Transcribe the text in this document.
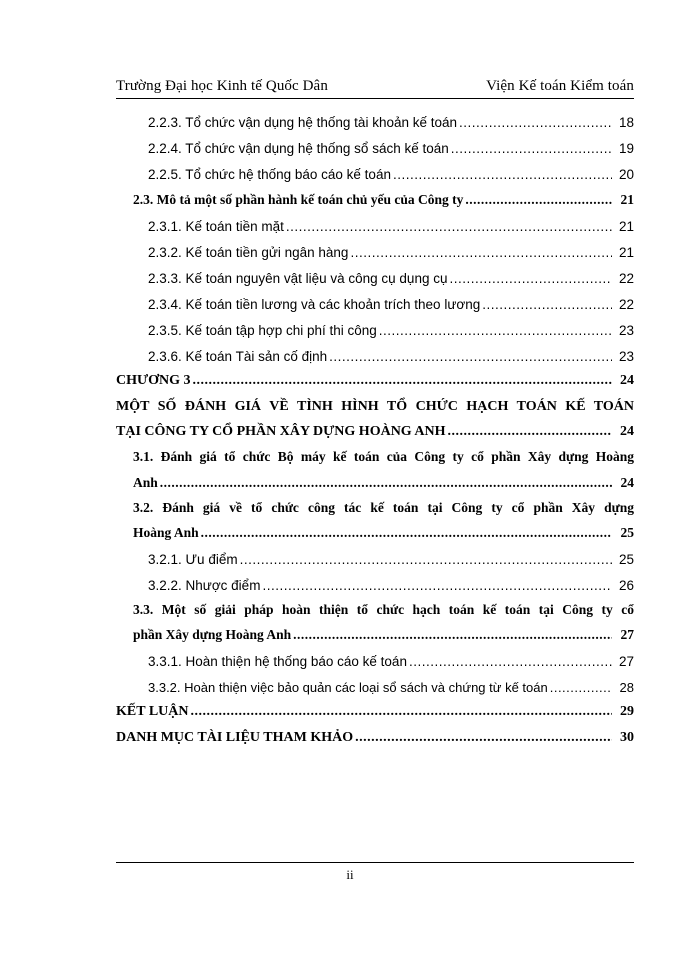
Trường Đại học Kinh tế Quốc Dân	Viện Kế toán Kiểm toán
2.2.3. Tổ chức vận dụng hệ thống tài khoản kế toán .....	18
2.2.4. Tổ chức vận dụng hệ thống sổ sách kế toán .....	19
2.2.5. Tổ chức hệ thống báo cáo kế toán .....	20
2.3. Mô tả một số phần hành kế toán chủ yếu của Công ty .....	21
2.3.1. Kế toán tiền mặt .....	21
2.3.2. Kế toán tiền gửi ngân hàng .....	21
2.3.3. Kế toán nguyên vật liệu và công cụ dụng cụ .....	22
2.3.4. Kế toán tiền lương và các khoản trích theo lương .....	22
2.3.5. Kế toán tập hợp chi phí thi công .....	23
2.3.6. Kế toán Tài sản cố định .....	23
CHƯƠNG 3 .....	24
MỘT SỐ ĐÁNH GIÁ VỀ TÌNH HÌNH TỔ CHỨC HẠCH TOÁN KẾ TOÁN
TẠI CÔNG TY CỔ PHẦN XÂY DỰNG HOÀNG ANH .....	24
3.1. Đánh giá tổ chức Bộ máy kế toán của Công ty cổ phần Xây dựng Hoàng
Anh .....	24
3.2. Đánh giá về tổ chức công tác kế toán tại Công ty cổ phần Xây dựng
Hoàng Anh .....	25
3.2.1. Ưu điểm .....	25
3.2.2. Nhược điểm .....	26
3.3. Một số giải pháp hoàn thiện tổ chức hạch toán kế toán tại Công ty cổ
phần Xây dựng Hoàng Anh .....	27
3.3.1. Hoàn thiện hệ thống báo cáo kế toán .....	27
3.3.2. Hoàn thiện việc bảo quản các loại sổ sách và chứng từ kế toán .....	28
KẾT LUẬN .....	29
DANH MỤC TÀI LIỆU THAM KHẢO .....	30
ii
